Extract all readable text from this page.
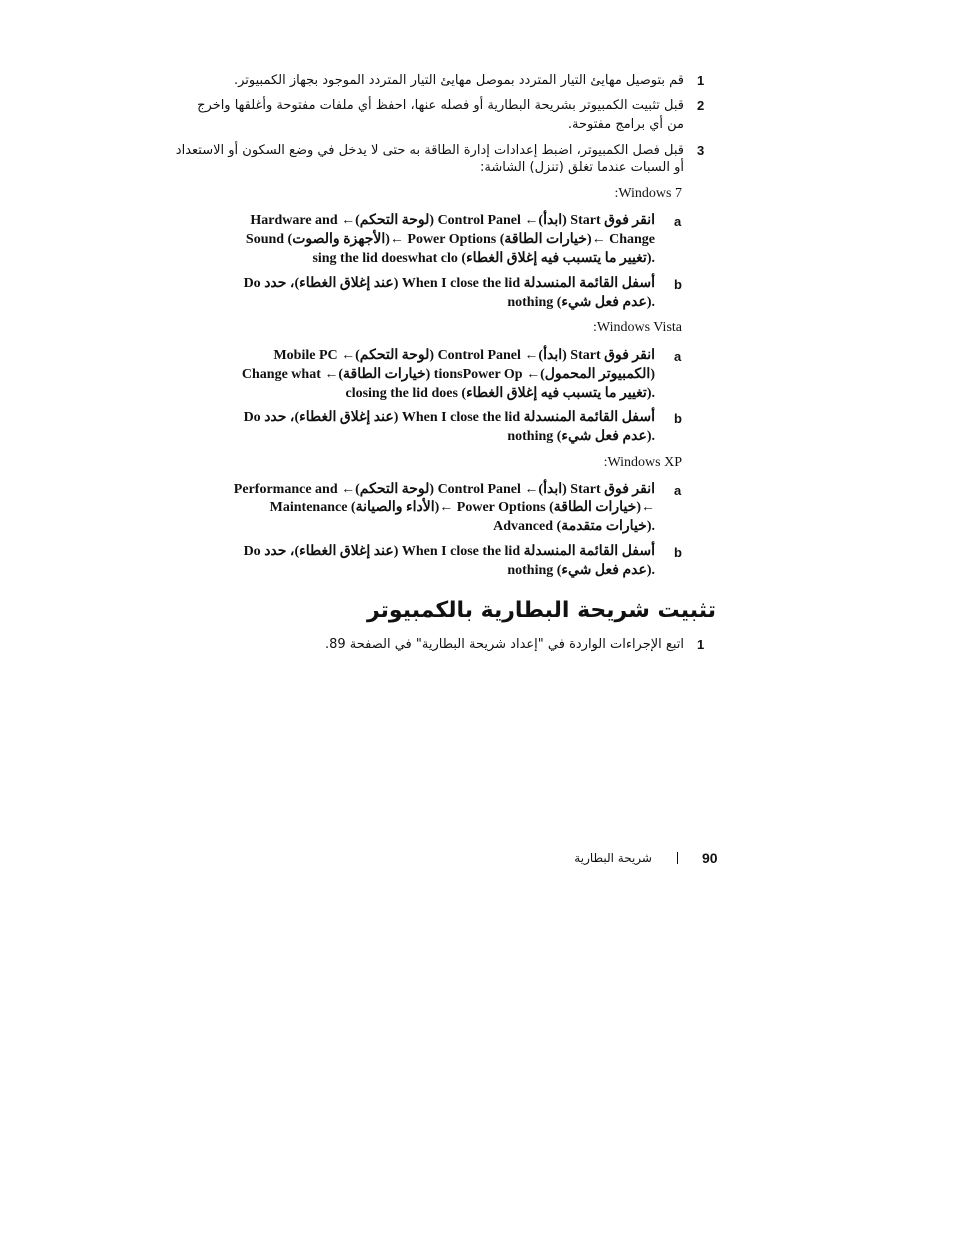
1
قم بتوصيل مهايئ التيار المتردد بموصل مهايئ التيار المتردد الموجود بجهاز الكمبيوتر.
2
قبل تثبيت الكمبيوتر بشريحة البطارية أو فصله عنها، احفظ أي ملفات مفتوحة وأغلقها واخرج
من أي برامج مفتوحة.
3
قبل فصل الكمبيوتر، اضبط إعدادات إدارة الطاقة به حتى لا يدخل في وضع السكون أو الاستعداد
أو السبات عندما تغلق (تنزل) الشاشة:
:Windows 7
a
انقر فوق Start (ابدأ)← Control Panel (لوحة التحكم)← Hardware and
Sound (الأجهزة والصوت)← Power Options (خيارات الطاقة)← Change
sing the lid doeswhat clo (تغيير ما يتسبب فيه إغلاق الغطاء).
b
أسفل القائمة المنسدلة When I close the lid (عند إغلاق الغطاء)، حدد Do
nothing (عدم فعل شيء).
:Windows Vista
a
انقر فوق Start (ابدأ)← Control Panel (لوحة التحكم)← Mobile PC
(الكمبيوتر المحمول)← tionsPower Op (خيارات الطاقة)← Change what
closing the lid does (تغيير ما يتسبب فيه إغلاق الغطاء).
b
أسفل القائمة المنسدلة When I close the lid (عند إغلاق الغطاء)، حدد Do
nothing (عدم فعل شيء).
:Windows XP
a
انقر فوق Start (ابدأ)← Control Panel (لوحة التحكم)← Performance and
Maintenance (الأداء والصيانة)← Power Options (خيارات الطاقة)←
Advanced (خيارات متقدمة).
b
أسفل القائمة المنسدلة When I close the lid (عند إغلاق الغطاء)، حدد Do
nothing (عدم فعل شيء).
تثبيت شريحة البطارية بالكمبيوتر
1
اتبع الإجراءات الواردة في "إعداد شريحة البطارية" في الصفحة 89.
90
شريحة البطارية
